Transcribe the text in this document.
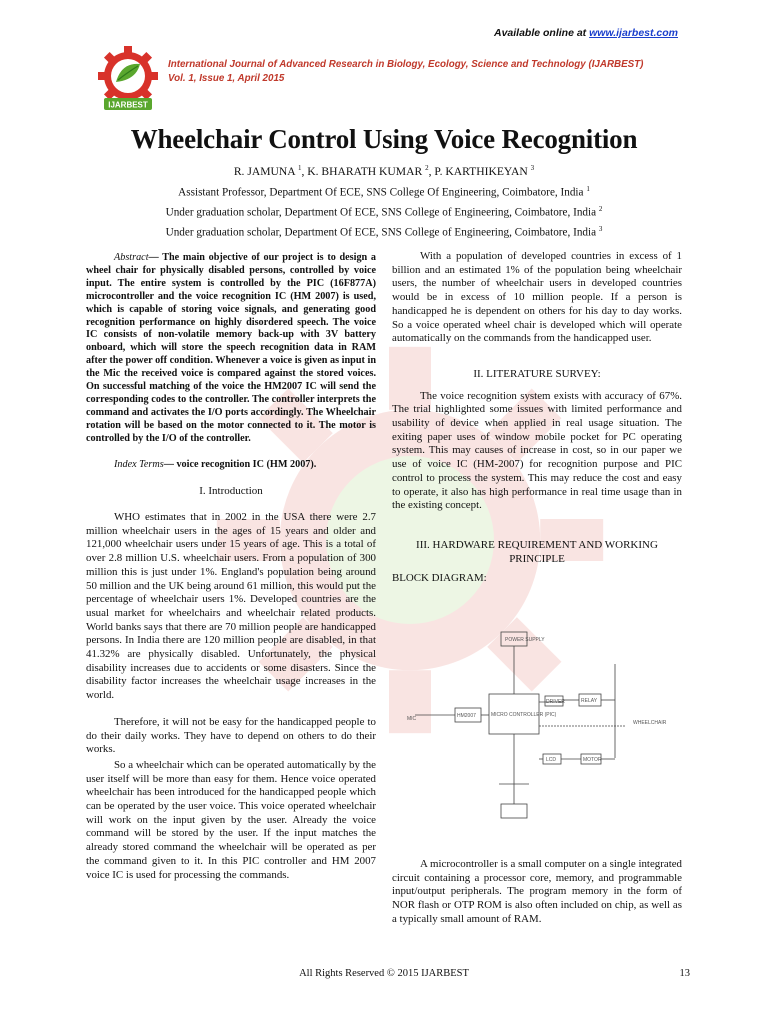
Available online at www.ijarbest.com
IJARBEST
International Journal of Advanced Research in Biology, Ecology, Science and Technology (IJARBEST)
Vol. 1, Issue 1, April 2015
Wheelchair Control Using Voice Recognition
R. JAMUNA $^1$, K. BHARATH KUMAR $^2$, P. KARTHIKEYAN $^3$
Assistant Professor, Department Of ECE, SNS College Of Engineering, Coimbatore, India $^1$
Under graduation scholar, Department Of ECE, SNS College of Engineering, Coimbatore, India $^2$
Under graduation scholar, Department Of ECE, SNS College of Engineering, Coimbatore, India $^3$

Abstract— The main objective of our project is to design a wheel chair for physically disabled persons, controlled by voice input. The entire system is controlled by the PIC (16F877A) microcontroller and the voice recognition IC (HM 2007) is used, which is capable of storing voice signals, and generating good recognition performance on highly disordered speech. The voice IC consists of non-volatile memory back-up with 3V battery onboard, which will store the speech recognition data in RAM after the power off condition. Whenever a voice is given as input in the Mic the received voice is compared against the stored voices. On successful matching of the voice the HM2007 IC will send the corresponding codes to the controller. The controller interprets the command and activates the I/O ports accordingly. The Wheelchair rotation will be based on the motor connected to it. The motor is controlled by the I/O of the controller.

Index Terms— voice recognition IC (HM 2007).

I. Introduction

WHO estimates that in 2002 in the USA there were 2.7 million wheelchair users in the ages of 15 years and older and 121,000 wheelchair users under 15 years of age. This is a total of over 2.8 million U.S. wheelchair users. From a population of 300 million this is just under 1%. England's population being around 50 million and the UK being around 61 million, this would put the percentage of wheelchair users 1%. Developed countries are the usual market for wheelchairs and wheelchair related products. World banks says that there are 70 million people are handicapped persons. In India there are 120 million people are disabled, in that 41.32% are physically disabled. Unfortunately, the physical disability increases due to accidents or some disasters. Since the disability factor increases the wheelchair usage increases in the world.

Therefore, it will not be easy for the handicapped people to do their daily works. They have to depend on others to do their works.

So a wheelchair which can be operated automatically by the user itself will be more than easy for them. Hence voice operated wheelchair has been introduced for the handicapped people which can be operated by the user voice. This voice operated wheelchair will work on the input given by the user. Already the voice command will be stored by the user. If the input matches the already stored command the wheelchair will be operated as per the command given to it. In this PIC controller and HM 2007 voice IC is used for processing the commands.

With a population of developed countries in excess of 1 billion and an estimated 1% of the population being wheelchair users, the number of wheelchair users in developed countries would be in excess of 10 million people. If a person is handicapped he is dependent on others for his day to day works. So a voice operated wheel chair is developed which will operate automatically on the commands from the handicapped user.

II. LITERATURE SURVEY:

The voice recognition system exists with accuracy of 67%. The trial highlighted some issues with limited performance and usability of device when applied in real usage situation. The exiting paper uses of window mobile pocket for PC operating system. This may causes of increase in cost, so in our paper we use of voice IC (HM-2007) for recognition purpose and PIC control to process the system. This may reduce the cost and easy to operate, it also has high performance in real time usage than in the existing concept.

III. HARDWARE REQUIREMENT AND WORKING PRINCIPLE

BLOCK DIAGRAM:

POWER SUPPLY
MIC	HM2007	MICRO CONTROLLER (PIC)
RELAY
DRIVER
WHEELCHAIR
LCD	MOTOR

A microcontroller is a small computer on a single integrated circuit containing a processor core, memory, and programmable input/output peripherals. The program memory in the form of NOR flash or OTP ROM is also often included on chip, as well as a typically small amount of RAM.

All Rights Reserved © 2015 IJARBEST	13
